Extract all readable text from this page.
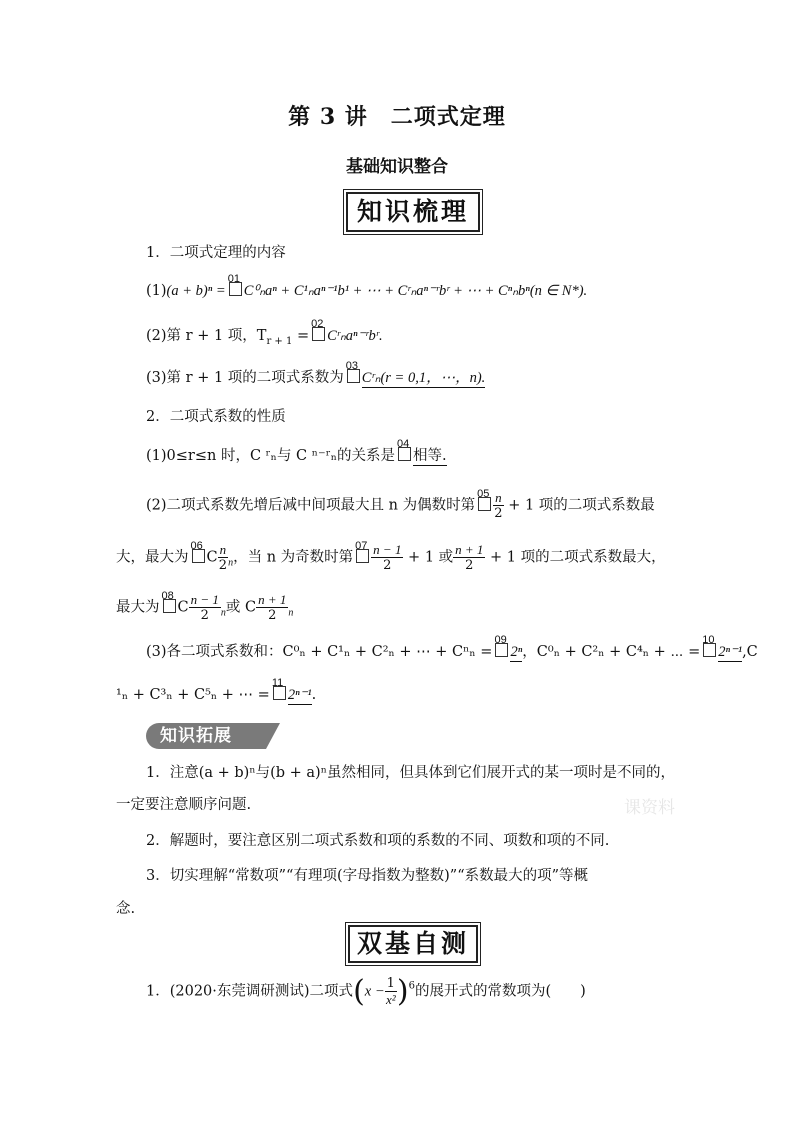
第 3 讲　二项式定理
基础知识整合
知识梳理
1．二项式定理的内容
(1)(a + b)ⁿ =
01
C⁰ₙaⁿ + C¹ₙaⁿ⁻¹b¹ + ⋯ + Cʳₙaⁿ⁻ʳbʳ + ⋯ + Cⁿₙbⁿ(n ∈ N*).
(2)第 r + 1 项，$T_{r + 1}$ =
02
Cʳₙaⁿ⁻ʳbʳ.
(3)第 r + 1 项的二项式系数为
03
Cʳₙ(r = 0,1，⋯，n).
2．二项式系数的性质
(1)0≤r≤n 时，C ʳₙ与 C ⁿ⁻ʳₙ的关系是
04
相等.
(2)二项式系数先增后减中间项最大且 n 为偶数时第
$05 \frac{n}{2} + 1$ 项的二项式系数最
大，最大为
06
C $\frac{n}{2} _n$，当 n 为奇数时第
$07 \frac{n - 1}{2} + 1$ 或 $\frac{n + 1}{2} + 1$ 项的二项式系数最大，
最大为
08
C $\frac{n - 1}{2} _n$或 C $\frac{n + 1}{2} _n$
(3)各二项式系数和：C⁰ₙ + C¹ₙ + C²ₙ + ⋯ + Cⁿₙ =
09
2ⁿ，C⁰ₙ + C²ₙ + C⁴ₙ + ⋯ =
10
2ⁿ⁻¹,C
¹ₙ + C³ₙ + C⁵ₙ + ⋯ =
11
2ⁿ⁻¹.
知识拓展
课资料
1．注意(a + b)ⁿ与(b + a)ⁿ虽然相同，但具体到它们展开式的某一项时是不同的，
一定要注意顺序问题.
2．解题时，要注意区别二项式系数和项的系数的不同、项数和项的不同.
3．切实理解“常数项”“有理项(字母指数为整数)”“系数最大的项”等概
念.
双基自测
1．(2020·东莞调研测试)二项式$(x - \frac{1}{\text{x²}} )^6$的展开式的常数项为(　　)
